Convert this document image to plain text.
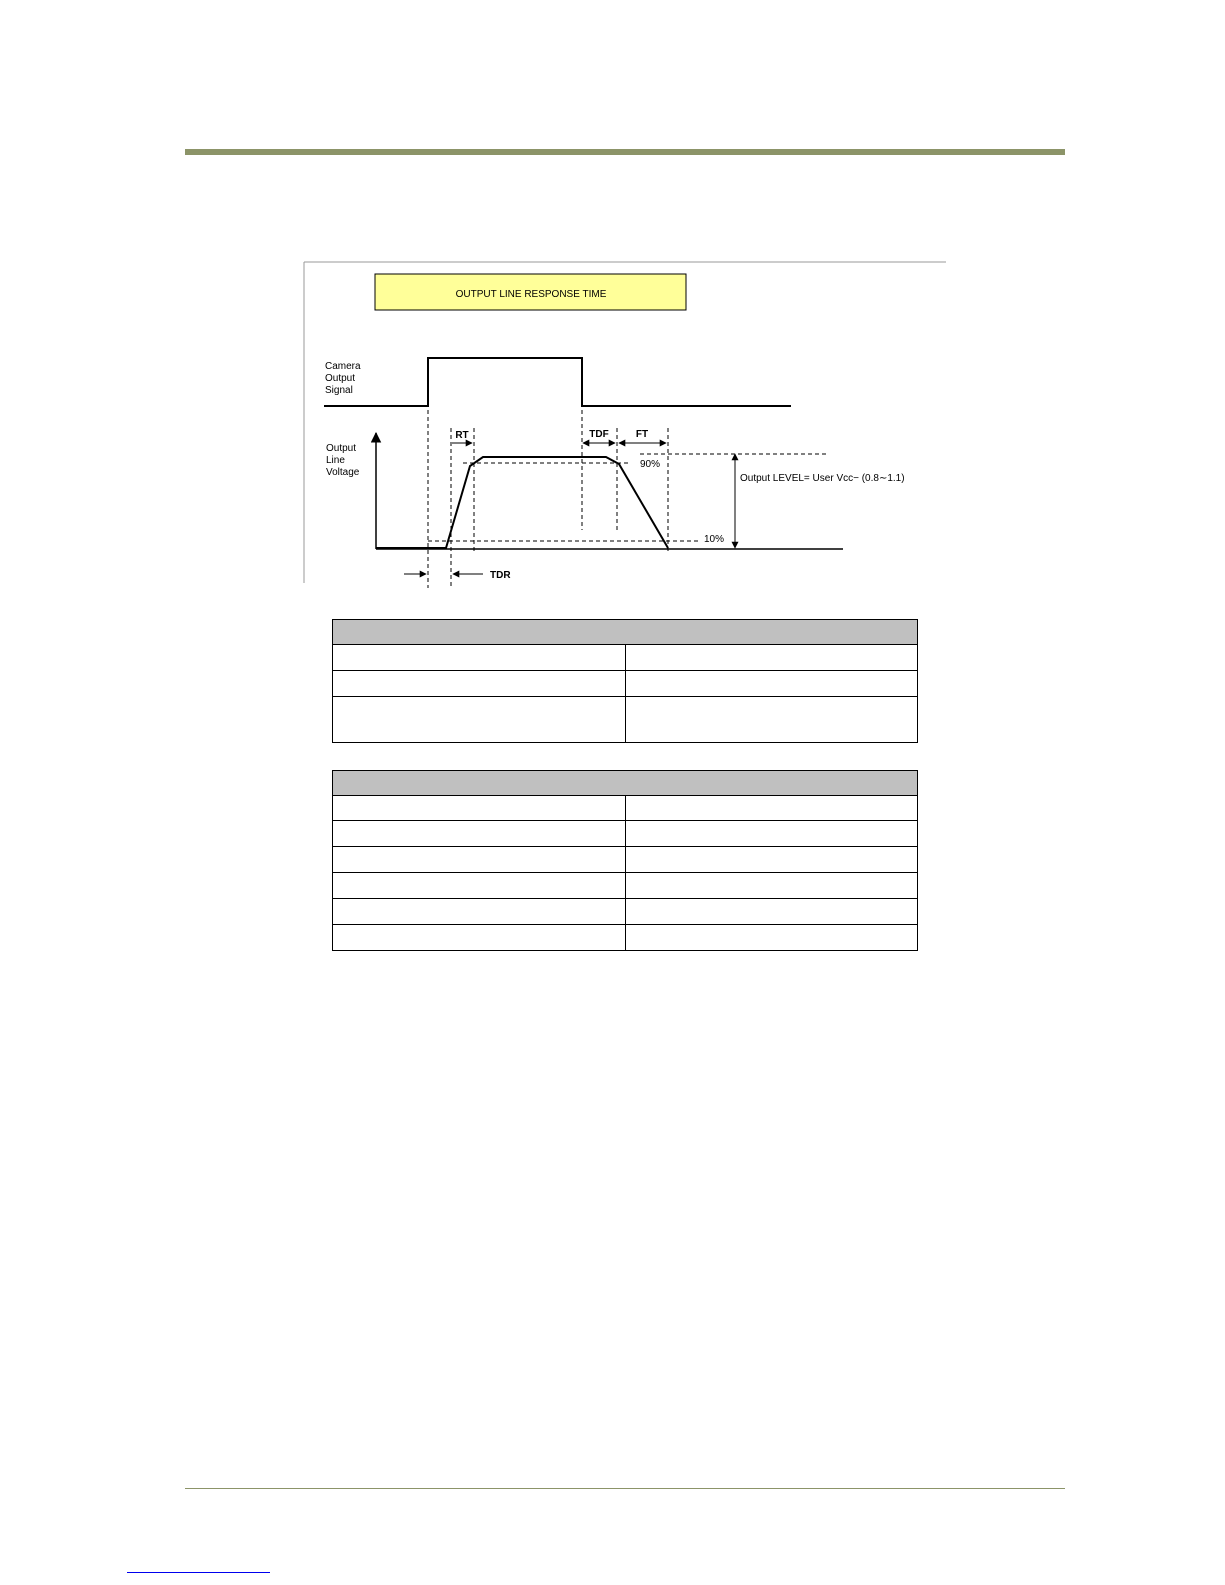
OUTPUT LINE RESPONSE TIME
Camera Output Signal
Output Line Voltage
RT	TDF	FT
90%
10%
Output LEVEL= User Vcc− (0.8∼1.1)
TDR
